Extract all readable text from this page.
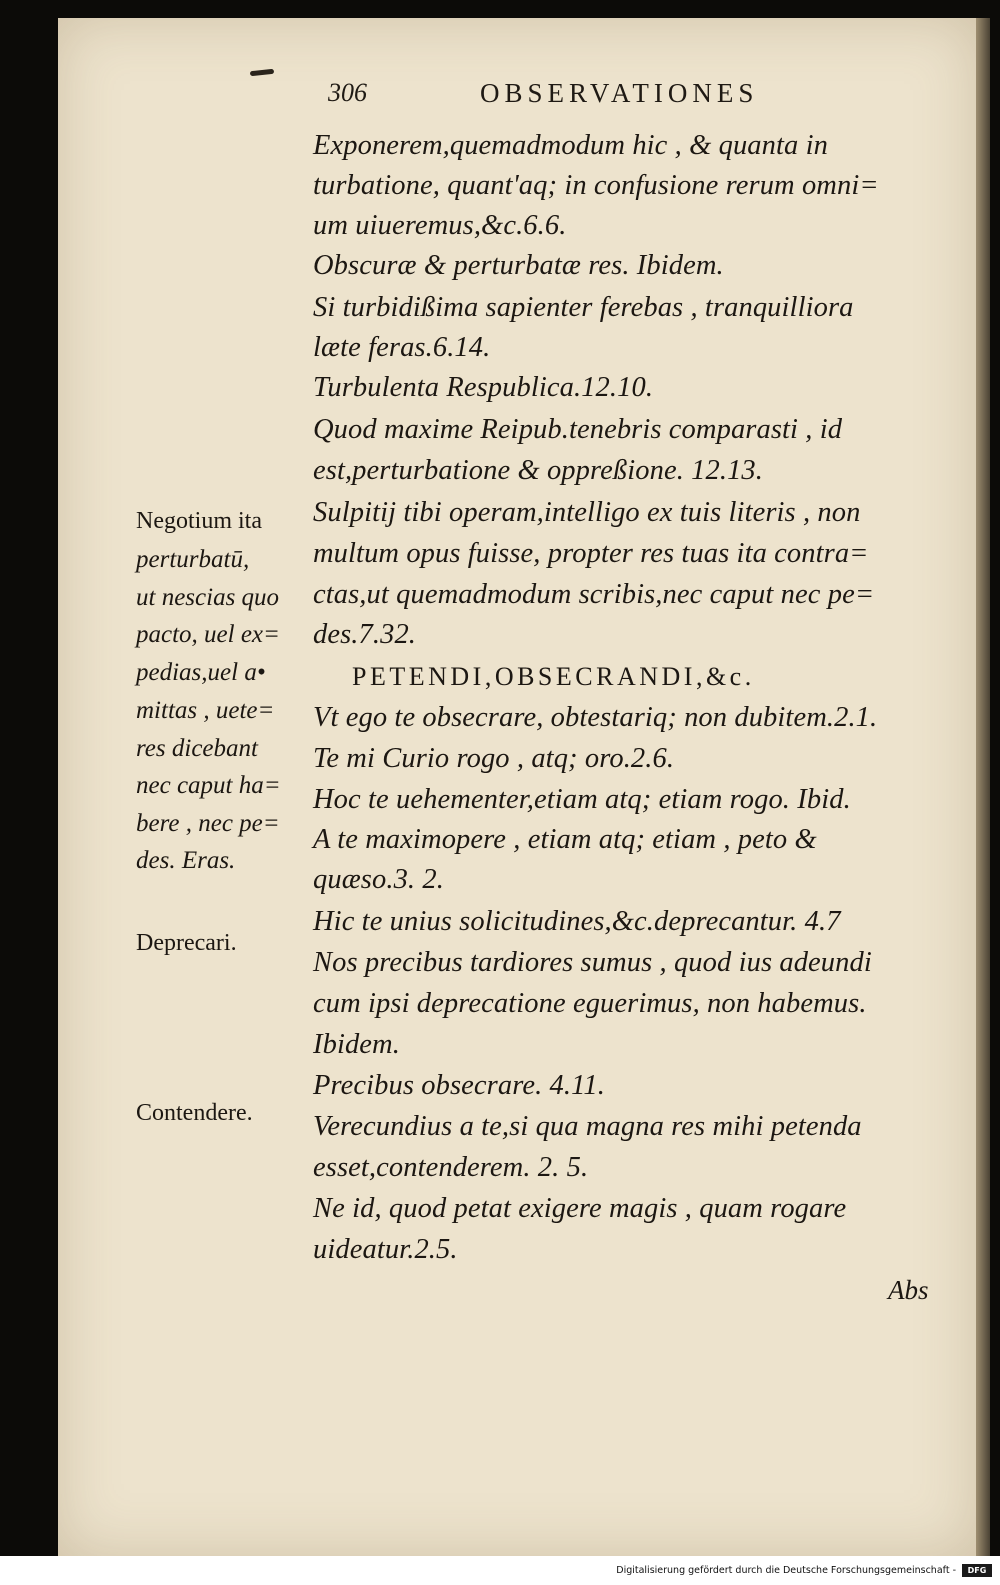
306	OBSERVATIONES
Exponerem,quemadmodum hic , & quanta in
turbatione, quant'aq; in confusione rerum omni=
um uiueremus,&c.6.6.
Obscuræ & perturbatæ res. Ibidem.
Si turbidißima sapienter ferebas , tranquilliora
læte feras.6.14.
Turbulenta Respublica.12.10.
Quod maxime Reipub.tenebris comparasti , id
est,perturbatione & oppreßione. 12.13.
Sulpitij tibi operam,intelligo ex tuis literis , non
multum opus fuisse, propter res tuas ita contra=
ctas,ut quemadmodum scribis,nec caput nec pe=
des.7.32.
PETENDI,OBSECRANDI,&c.
Vt ego te obsecrare, obtestariq; non dubitem.2.1.
Te mi Curio rogo , atq; oro.2.6.
Hoc te uehementer,etiam atq; etiam rogo. Ibid.
A te maximopere , etiam atq; etiam , peto &
quæso.3. 2.
Hic te unius solicitudines,&c.deprecantur. 4.7
Nos precibus tardiores sumus , quod ius adeundi
cum ipsi deprecatione eguerimus, non habemus.
Ibidem.
Precibus obsecrare. 4.11.
Verecundius a te,si qua magna res mihi petenda
esset,contenderem. 2. 5.
Ne id, quod petat exigere magis , quam rogare
uideatur.2.5.
Negotium ita
perturbatū,
ut nescias quo
pacto, uel ex=
pedias,uel a•
mittas , uete=
res dicebant
nec caput ha=
bere , nec pe=
des. Eras.
Deprecari.
Contendere.
Abs
Digitalisierung gefördert durch die Deutsche Forschungsgemeinschaft -	DFG
